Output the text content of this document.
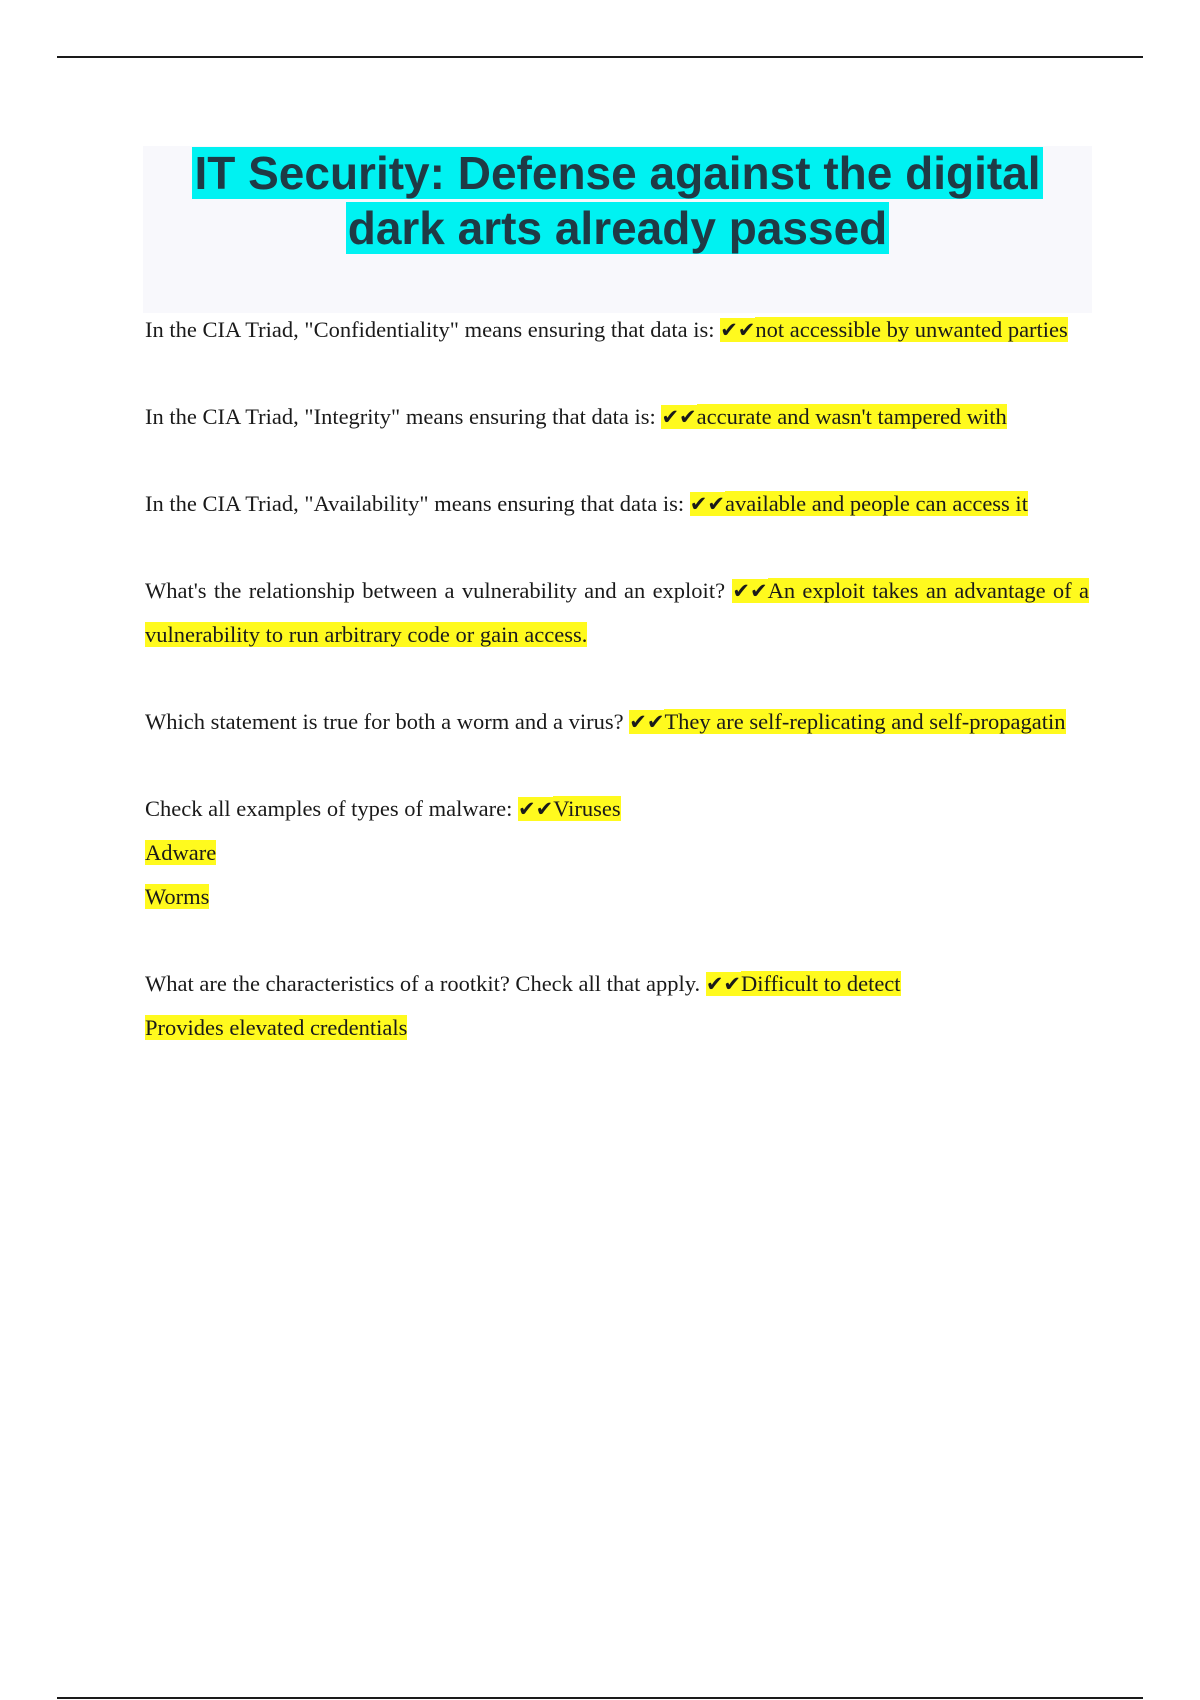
IT Security: Defense against the digital
dark arts already passed

In the CIA Triad, "Confidentiality" means ensuring that data is: ✔✔not accessible by unwanted parties

In the CIA Triad, "Integrity" means ensuring that data is: ✔✔accurate and wasn't tampered with

In the CIA Triad, "Availability" means ensuring that data is: ✔✔available and people can access it

What's the relationship between a vulnerability and an exploit? ✔✔An exploit takes an advantage of a vulnerability to run arbitrary code or gain access.

Which statement is true for both a worm and a virus? ✔✔They are self-replicating and self-propagatin

Check all examples of types of malware: ✔✔Viruses
Adware
Worms

What are the characteristics of a rootkit? Check all that apply. ✔✔Difficult to detect
Provides elevated credentials
